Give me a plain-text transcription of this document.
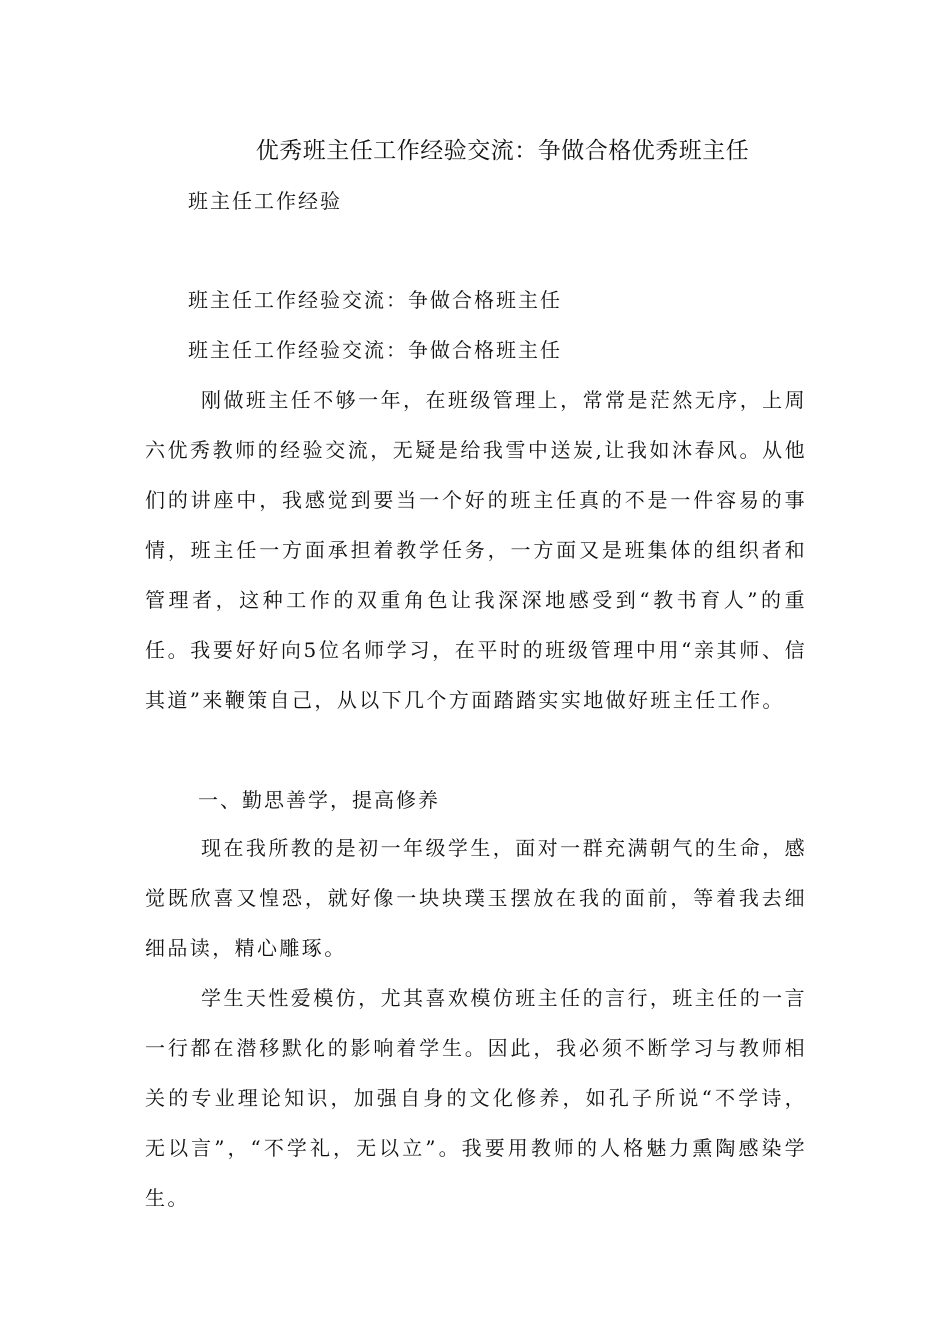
优秀班主任工作经验交流：争做合格优秀班主任
班主任工作经验
班主任工作经验交流：争做合格班主任
班主任工作经验交流：争做合格班主任

刚做班主任不够一年，在班级管理上，常常是茫然无序，上周六优秀教师的经验交流，无疑是给我雪中送炭,让我如沐春风。从他们的讲座中，我感觉到要当一个好的班主任真的不是一件容易的事情，班主任一方面承担着教学任务，一方面又是班集体的组织者和管理者，这种工作的双重角色让我深深地感受到“教书育人”的重任。我要好好向5位名师学习，在平时的班级管理中用“亲其师、信其道”来鞭策自己，从以下几个方面踏踏实实地做好班主任工作。

一、勤思善学，提高修养

现在我所教的是初一年级学生，面对一群充满朝气的生命，感觉既欣喜又惶恐，就好像一块块璞玉摆放在我的面前，等着我去细细品读，精心雕琢。

学生天性爱模仿，尤其喜欢模仿班主任的言行，班主任的一言一行都在潜移默化的影响着学生。因此，我必须不断学习与教师相关的专业理论知识，加强自身的文化修养，如孔子所说“不学诗，无以言”，“不学礼，无以立”。我要用教师的人格魅力熏陶感染学生。
